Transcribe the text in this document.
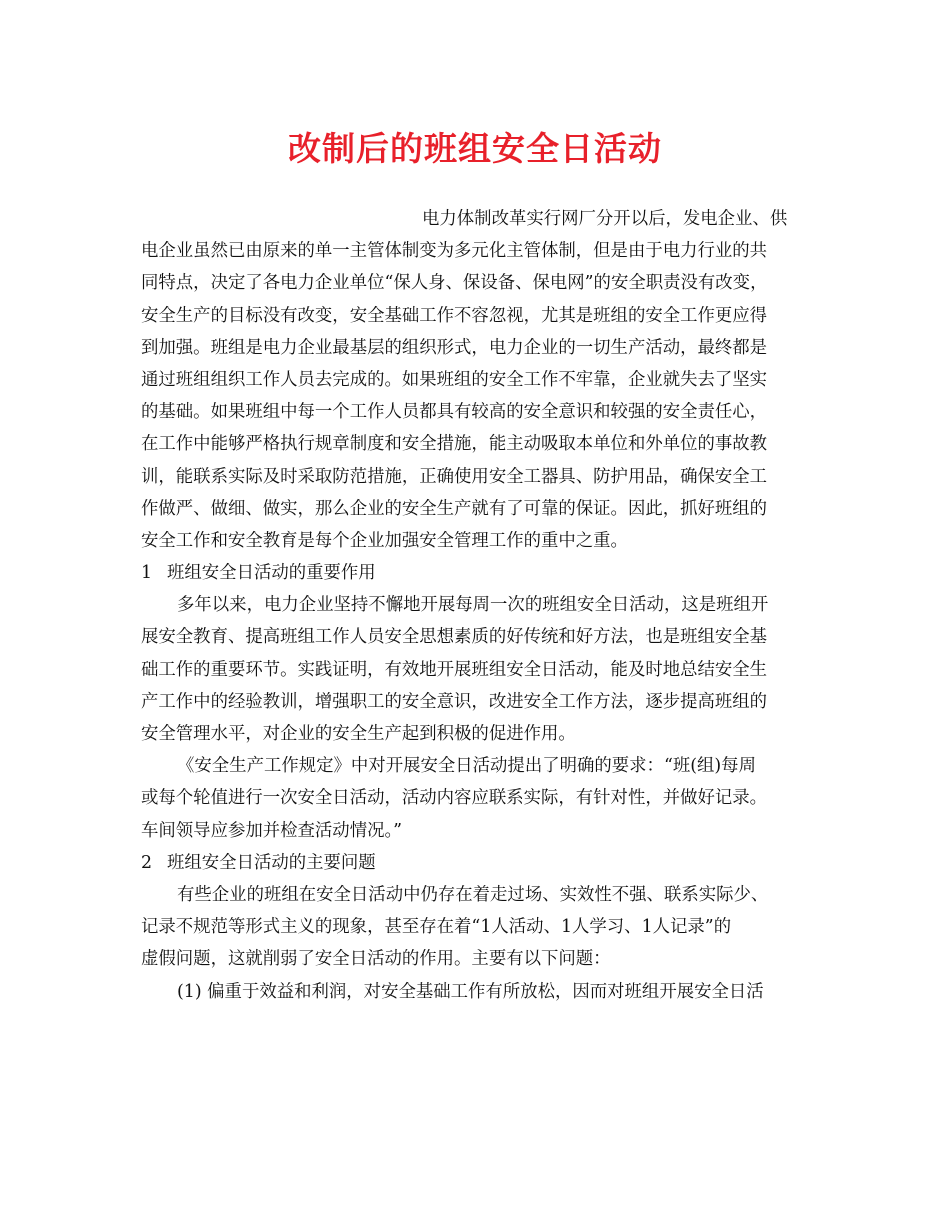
改制后的班组安全日活动
电力体制改革实行网厂分开以后，发电企业、供
电企业虽然已由原来的单一主管体制变为多元化主管体制，但是由于电力行业的共
同特点，决定了各电力企业单位“保人身、保设备、保电网”的安全职责没有改变，
安全生产的目标没有改变，安全基础工作不容忽视，尤其是班组的安全工作更应得
到加强。班组是电力企业最基层的组织形式，电力企业的一切生产活动，最终都是
通过班组组织工作人员去完成的。如果班组的安全工作不牢靠，企业就失去了坚实
的基础。如果班组中每一个工作人员都具有较高的安全意识和较强的安全责任心，
在工作中能够严格执行规章制度和安全措施，能主动吸取本单位和外单位的事故教
训，能联系实际及时采取防范措施，正确使用安全工器具、防护用品，确保安全工
作做严、做细、做实，那么企业的安全生产就有了可靠的保证。因此，抓好班组的
安全工作和安全教育是每个企业加强安全管理工作的重中之重。
1 班组安全日活动的重要作用
多年以来，电力企业坚持不懈地开展每周一次的班组安全日活动，这是班组开
展安全教育、提高班组工作人员安全思想素质的好传统和好方法，也是班组安全基
础工作的重要环节。实践证明，有效地开展班组安全日活动，能及时地总结安全生
产工作中的经验教训，增强职工的安全意识，改进安全工作方法，逐步提高班组的
安全管理水平，对企业的安全生产起到积极的促进作用。
《安全生产工作规定》中对开展安全日活动提出了明确的要求：“班(组)每周
或每个轮值进行一次安全日活动，活动内容应联系实际，有针对性，并做好记录。
车间领导应参加并检查活动情况。”
2 班组安全日活动的主要问题
有些企业的班组在安全日活动中仍存在着走过场、实效性不强、联系实际少、
记录不规范等形式主义的现象，甚至存在着“1人活动、1人学习、1人记录”的
虚假问题，这就削弱了安全日活动的作用。主要有以下问题：
(1) 偏重于效益和利润，对安全基础工作有所放松，因而对班组开展安全日活
